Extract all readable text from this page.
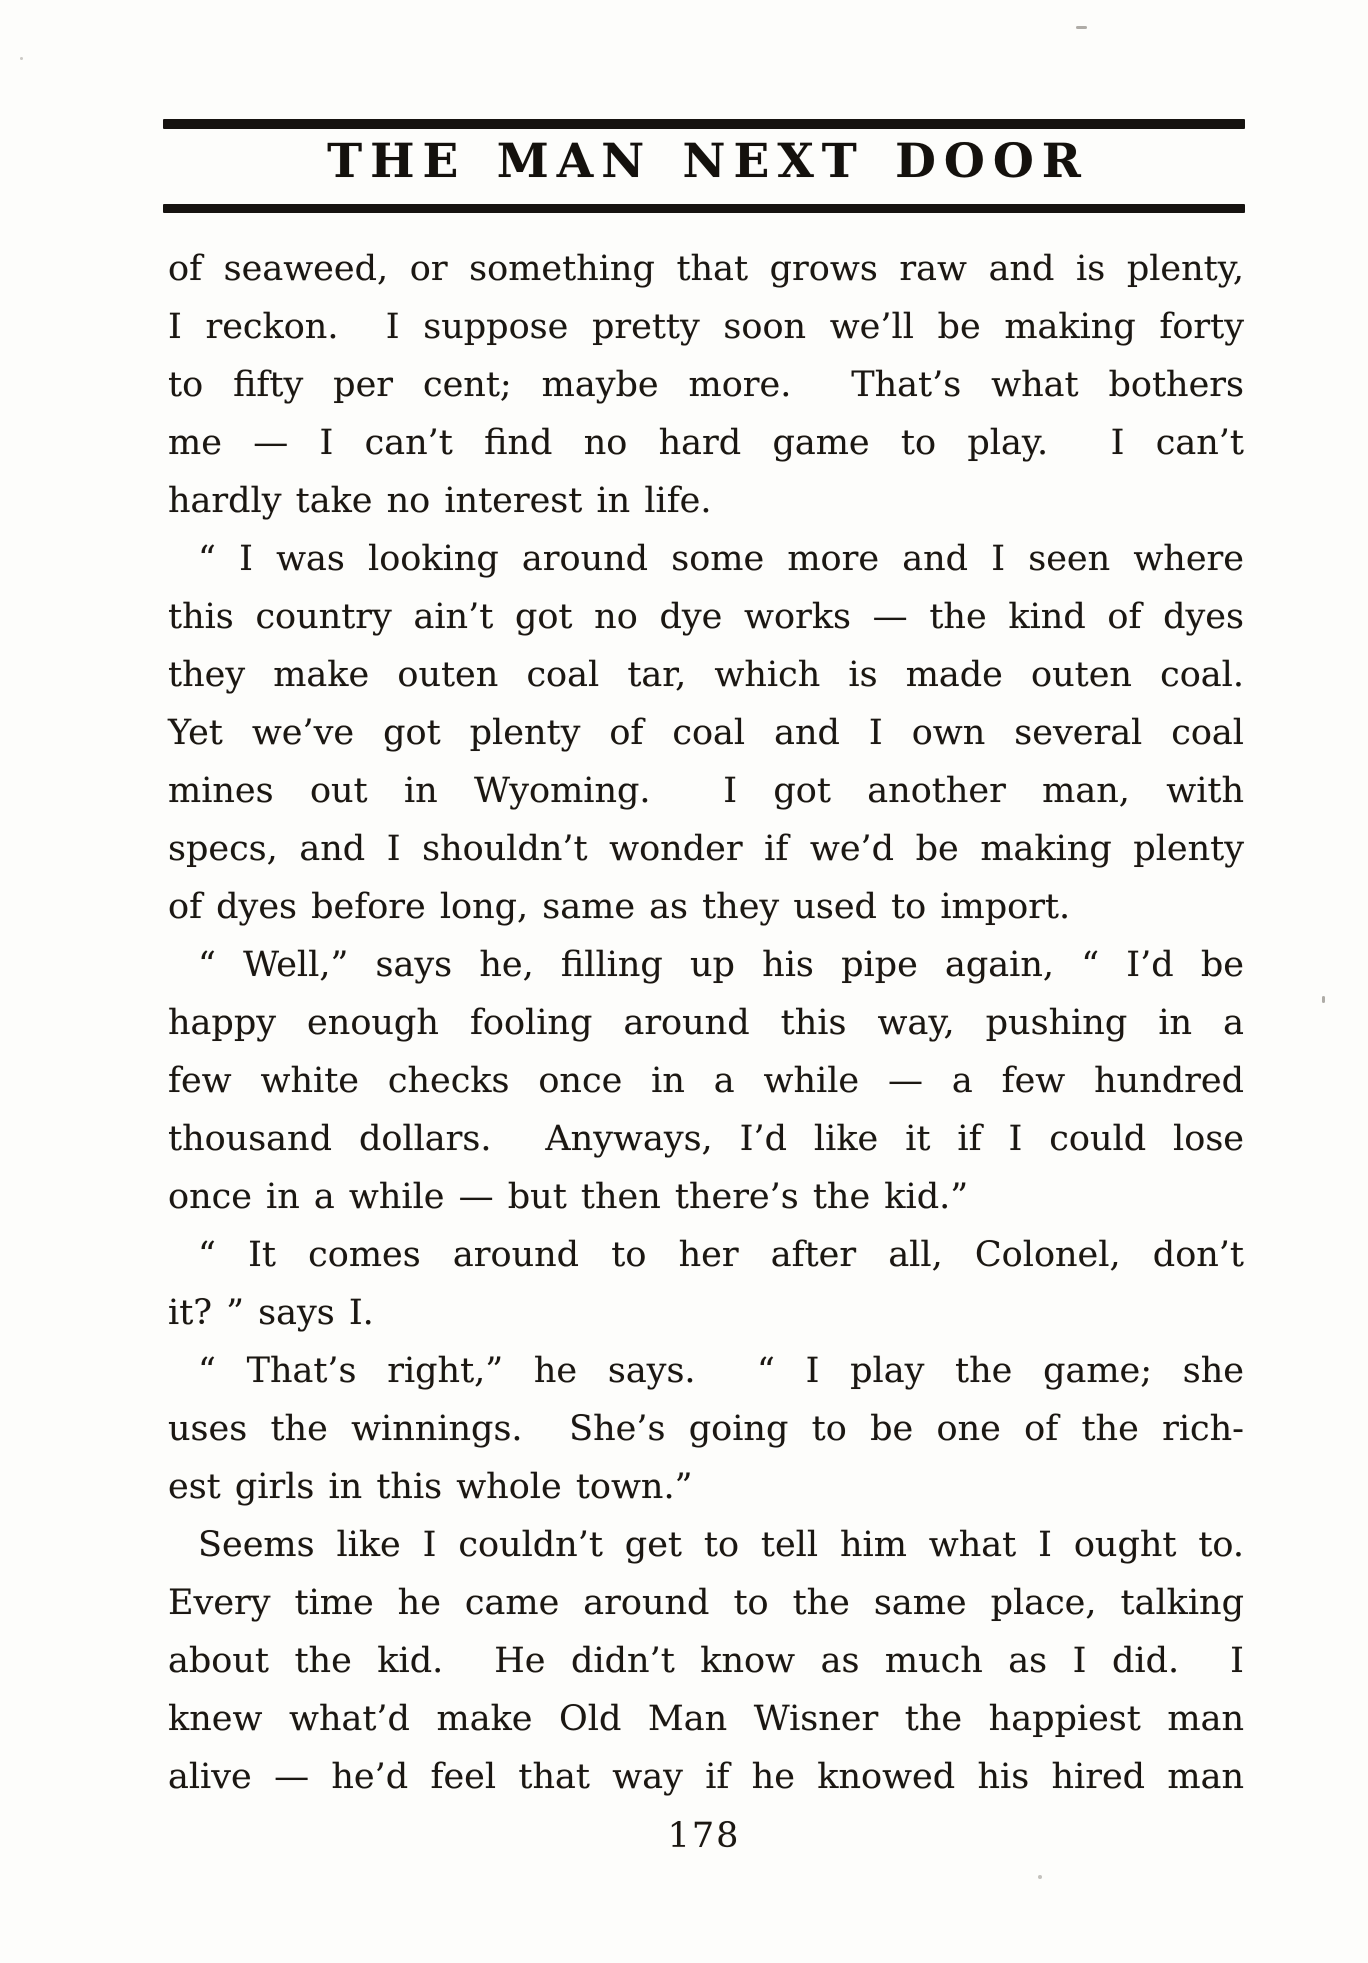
THE MAN NEXT DOOR

of seaweed, or something that grows raw and is plenty,
I reckon.  I suppose pretty soon we’ll be making forty
to fifty per cent; maybe more.  That’s what bothers
me — I can’t find no hard game to play.  I can’t
hardly take no interest in life.

“ I was looking around some more and I seen where
this country ain’t got no dye works — the kind of dyes
they make outen coal tar, which is made outen coal.
Yet we’ve got plenty of coal and I own several coal
mines out in Wyoming.  I got another man, with
specs, and I shouldn’t wonder if we’d be making plenty
of dyes before long, same as they used to import.

“ Well,” says he, filling up his pipe again, “ I’d be
happy enough fooling around this way, pushing in a
few white checks once in a while — a few hundred
thousand dollars.  Anyways, I’d like it if I could lose
once in a while — but then there’s the kid.”

“ It comes around to her after all, Colonel, don’t
it? ” says I.

“ That’s right,” he says.  “ I play the game; she
uses the winnings.  She’s going to be one of the rich-
est girls in this whole town.”

Seems like I couldn’t get to tell him what I ought to.
Every time he came around to the same place, talking
about the kid.  He didn’t know as much as I did.  I
knew what’d make Old Man Wisner the happiest man
alive — he’d feel that way if he knowed his hired man

178
